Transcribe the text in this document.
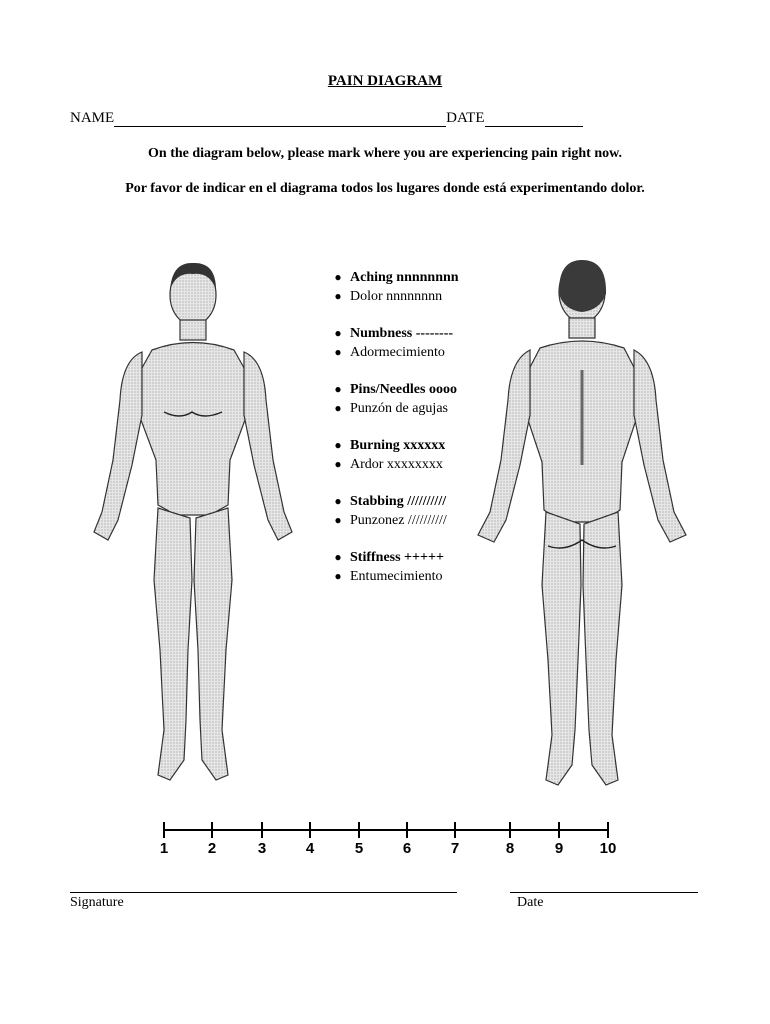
PAIN DIAGRAM
NAME	DATE
On the diagram below, please mark where you are experiencing pain right now.
Por favor de indicar en el diagrama todos los lugares donde está experimentando dolor.
● Aching nnnnnnnn
● Dolor nnnnnnnn
● Numbness --------
● Adormecimiento
● Pins/Needles oooo
● Punzón de agujas
● Burning xxxxxx
● Ardor xxxxxxxx
● Stabbing //////////
● Punzonez //////////
● Stiffness +++++
● Entumecimiento
1	2	3	4	5	6	7	8	9 10
Signature	Date
